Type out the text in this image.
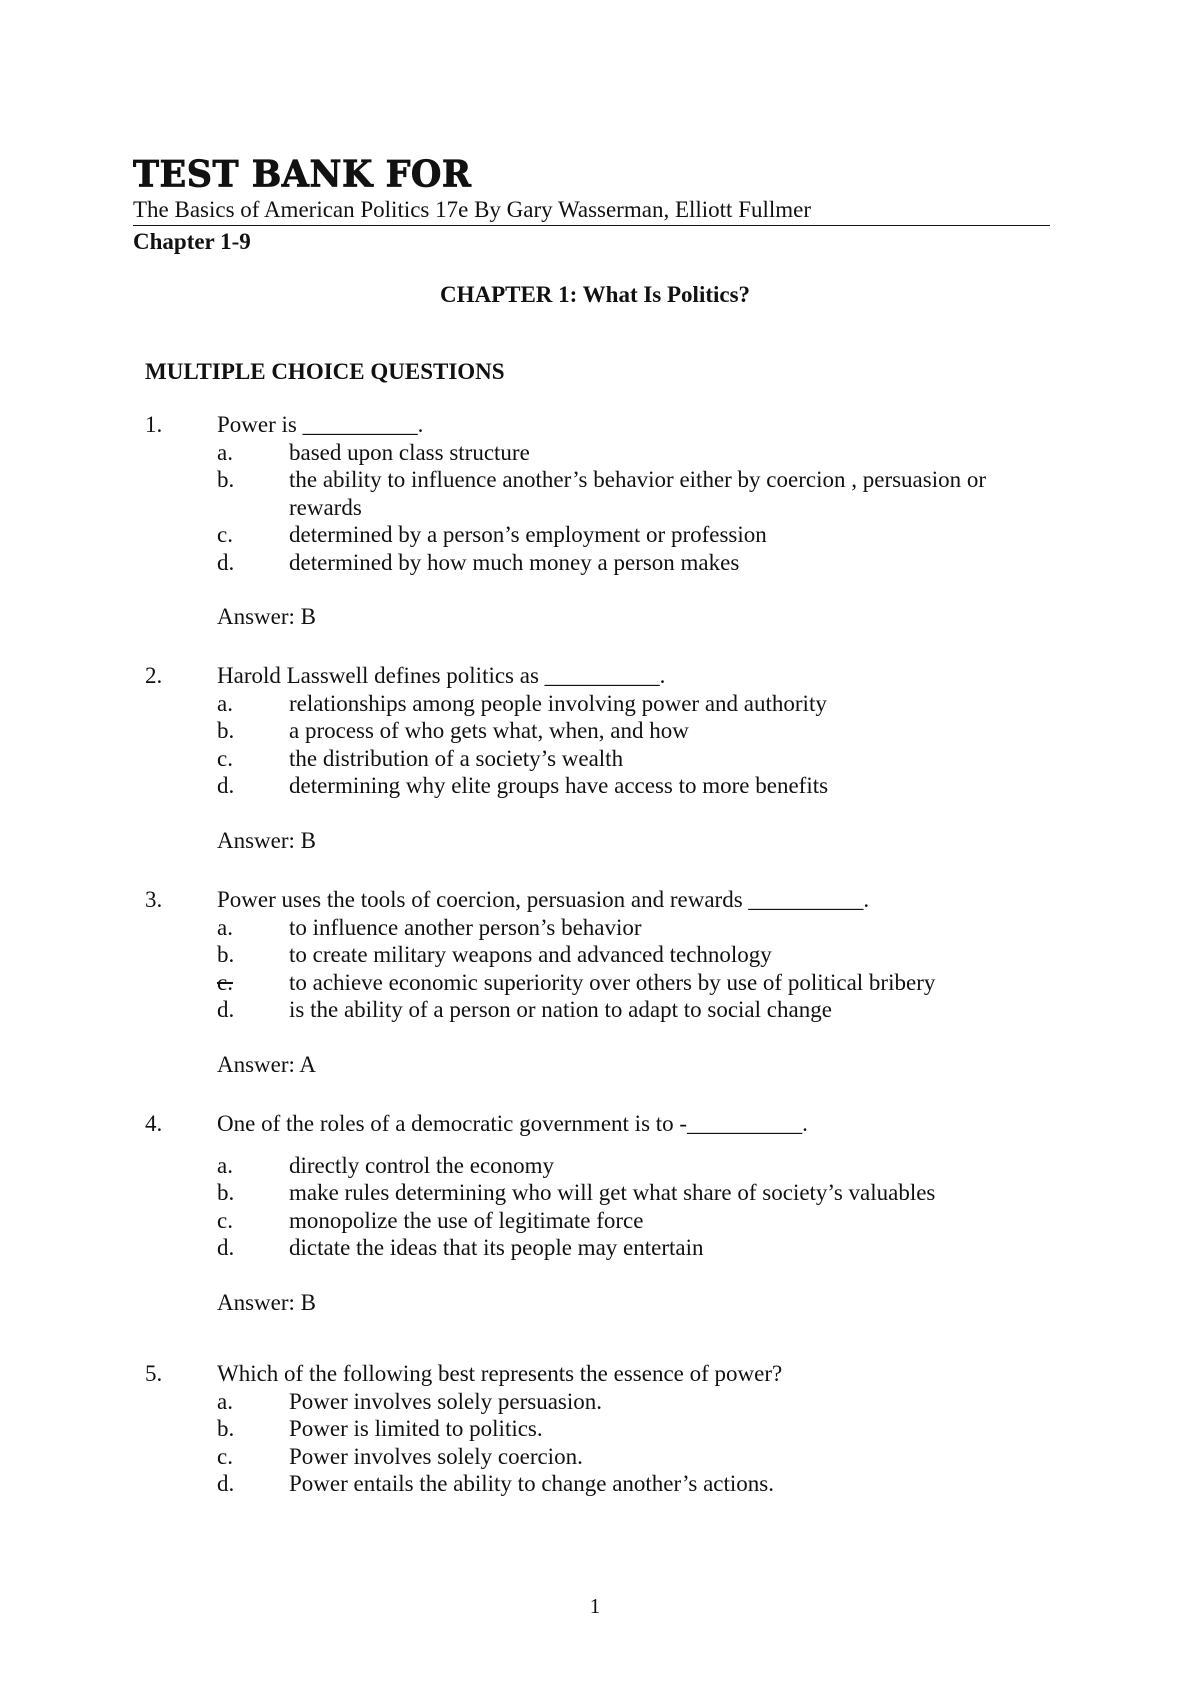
TEST BANK FOR
The Basics of American Politics 17e By Gary Wasserman, Elliott Fullmer
Chapter 1-9
CHAPTER 1: What Is Politics?
MULTIPLE CHOICE QUESTIONS
1. Power is __________.
a. based upon class structure
b. the ability to influence another’s behavior either by coercion , persuasion or rewards
c. determined by a person’s employment or profession
d. determined by how much money a person makes
Answer: B
2. Harold Lasswell defines politics as __________.
a. relationships among people involving power and authority
b. a process of who gets what, when, and how
c. the distribution of a society’s wealth
d. determining why elite groups have access to more benefits
Answer: B
3. Power uses the tools of coercion, persuasion and rewards __________.
a. to influence another person’s behavior
b. to create military weapons and advanced technology
c. to achieve economic superiority over others by use of political bribery
d. is the ability of a person or nation to adapt to social change
Answer: A
4. One of the roles of a democratic government is to -__________.
a. directly control the economy
b. make rules determining who will get what share of society’s valuables
c. monopolize the use of legitimate force
d. dictate the ideas that its people may entertain
Answer: B
5. Which of the following best represents the essence of power?
a. Power involves solely persuasion.
b. Power is limited to politics.
c. Power involves solely coercion.
d. Power entails the ability to change another’s actions.
1
